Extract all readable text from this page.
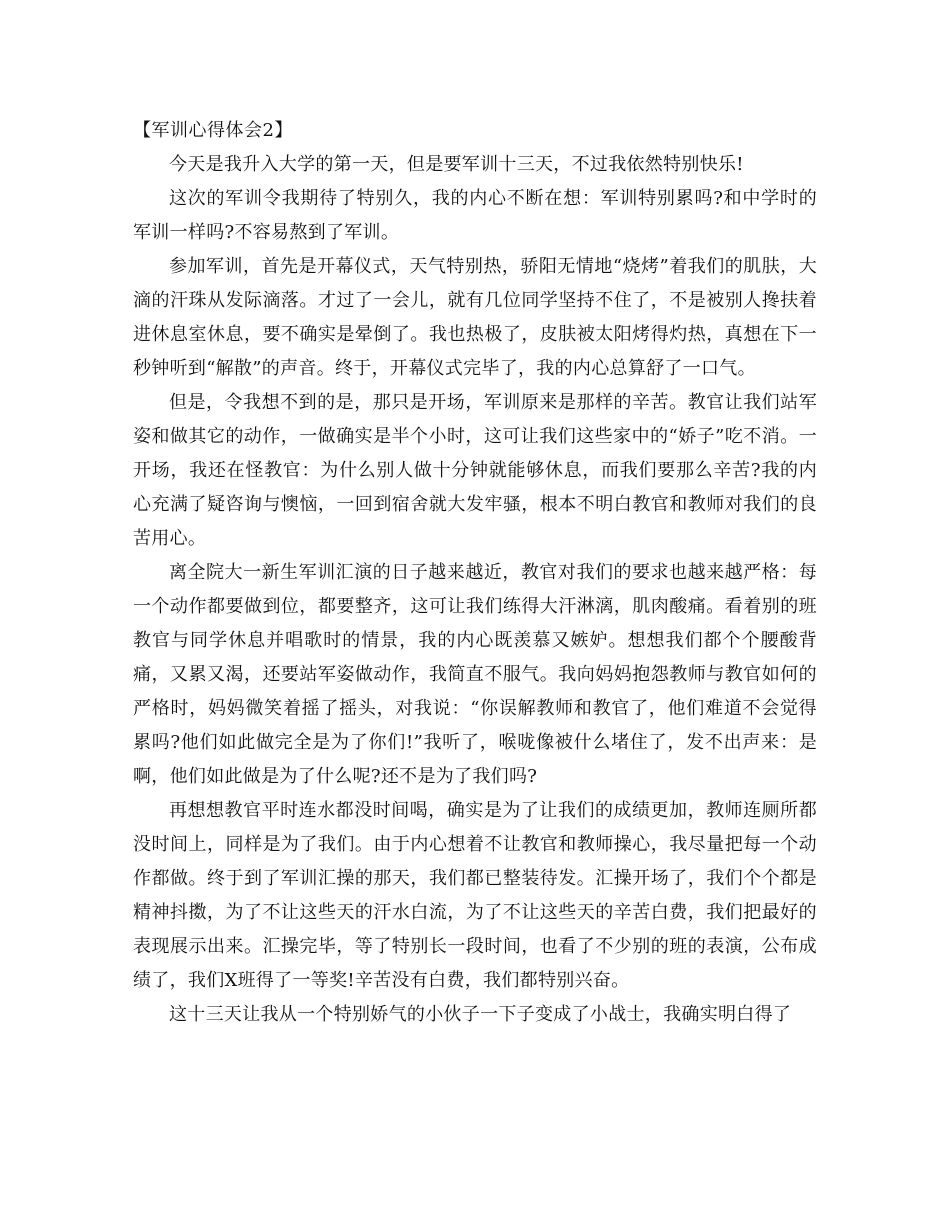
【军训心得体会2】

今天是我升入大学的第一天，但是要军训十三天，不过我依然特别快乐!

这次的军训令我期待了特别久，我的内心不断在想：军训特别累吗?和中学时的军训一样吗?不容易熬到了军训。

参加军训，首先是开幕仪式，天气特别热，骄阳无情地“烧烤”着我们的肌肤，大滴的汗珠从发际滴落。才过了一会儿，就有几位同学坚持不住了，不是被别人搀扶着进休息室休息，要不确实是晕倒了。我也热极了，皮肤被太阳烤得灼热，真想在下一秒钟听到“解散”的声音。终于，开幕仪式完毕了，我的内心总算舒了一口气。

但是，令我想不到的是，那只是开场，军训原来是那样的辛苦。教官让我们站军姿和做其它的动作，一做确实是半个小时，这可让我们这些家中的“娇子”吃不消。一开场，我还在怪教官：为什么别人做十分钟就能够休息，而我们要那么辛苦?我的内心充满了疑咨询与懊恼，一回到宿舍就大发牢骚，根本不明白教官和教师对我们的良苦用心。

离全院大一新生军训汇演的日子越来越近，教官对我们的要求也越来越严格：每一个动作都要做到位，都要整齐，这可让我们练得大汗淋漓，肌肉酸痛。看着别的班教官与同学休息并唱歌时的情景，我的内心既羡慕又嫉妒。想想我们都个个腰酸背痛，又累又渴，还要站军姿做动作，我简直不服气。我向妈妈抱怨教师与教官如何的严格时，妈妈微笑着摇了摇头，对我说：“你误解教师和教官了，他们难道不会觉得累吗?他们如此做完全是为了你们!”我听了，喉咙像被什么堵住了，发不出声来：是啊，他们如此做是为了什么呢?还不是为了我们吗?

再想想教官平时连水都没时间喝，确实是为了让我们的成绩更加，教师连厕所都没时间上，同样是为了我们。由于内心想着不让教官和教师操心，我尽量把每一个动作都做。终于到了军训汇操的那天，我们都已整装待发。汇操开场了，我们个个都是精神抖擞，为了不让这些天的汗水白流，为了不让这些天的辛苦白费，我们把最好的表现展示出来。汇操完毕，等了特别长一段时间，也看了不少别的班的表演，公布成绩了，我们X班得了一等奖!辛苦没有白费，我们都特别兴奋。

这十三天让我从一个特别娇气的小伙子一下子变成了小战士，我确实明白得了
